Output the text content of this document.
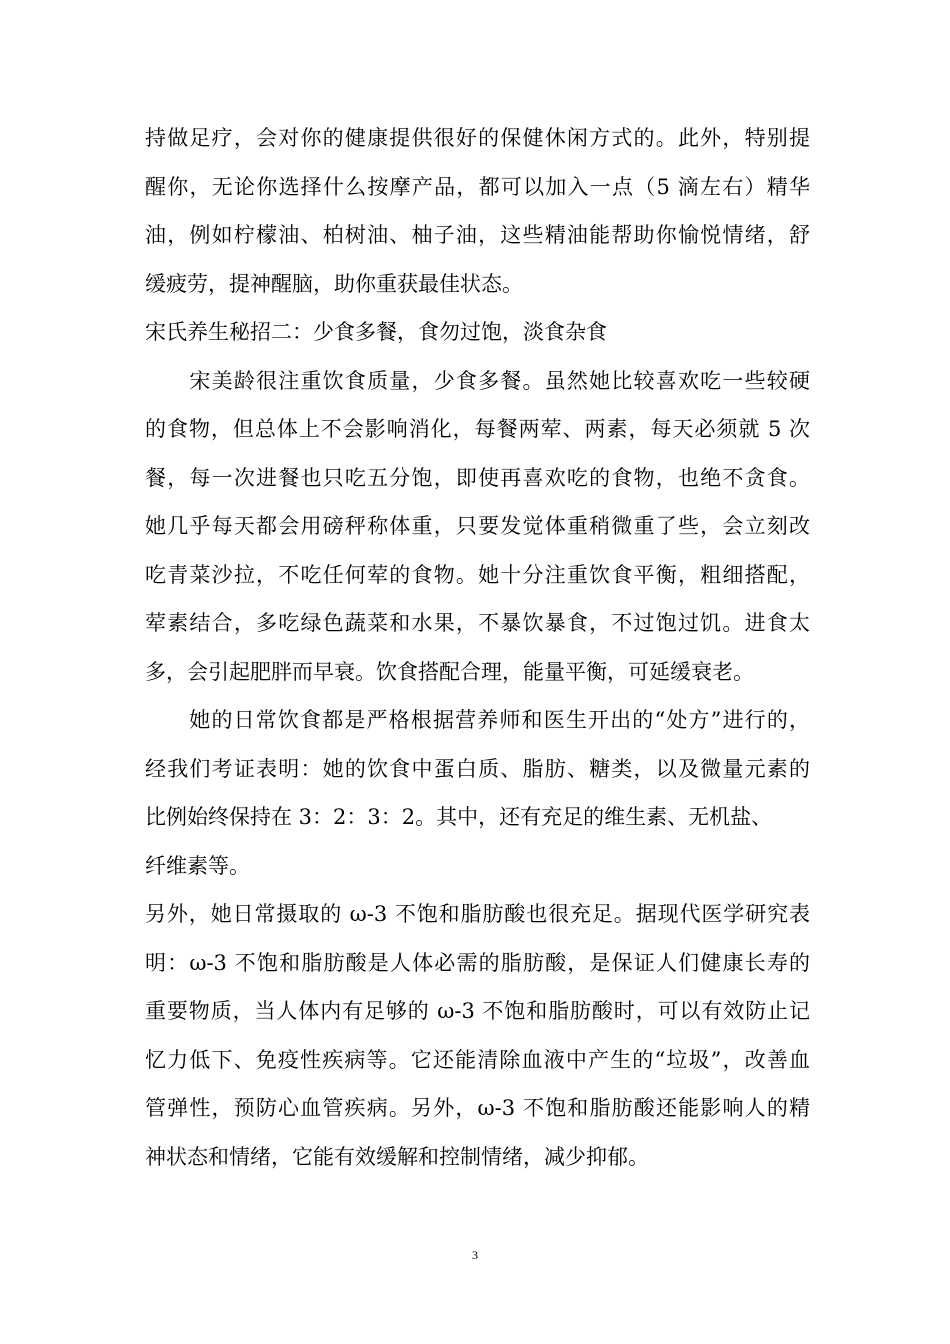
持做足疗，会对你的健康提供很好的保健休闲方式的。此外，特别提
醒你，无论你选择什么按摩产品，都可以加入一点（5 滴左右）精华
油，例如柠檬油、柏树油、柚子油，这些精油能帮助你愉悦情绪，舒
缓疲劳，提神醒脑，助你重获最佳状态。
宋氏养生秘招二：少食多餐，食勿过饱，淡食杂食
　　宋美龄很注重饮食质量，少食多餐。虽然她比较喜欢吃一些较硬
的食物，但总体上不会影响消化，每餐两荤、两素，每天必须就 5 次
餐，每一次进餐也只吃五分饱，即使再喜欢吃的食物，也绝不贪食。
她几乎每天都会用磅秤称体重，只要发觉体重稍微重了些，会立刻改
吃青菜沙拉，不吃任何荤的食物。她十分注重饮食平衡，粗细搭配，
荤素结合，多吃绿色蔬菜和水果，不暴饮暴食，不过饱过饥。进食太
多，会引起肥胖而早衰。饮食搭配合理，能量平衡，可延缓衰老。
　　她的日常饮食都是严格根据营养师和医生开出的“处方”进行的，
经我们考证表明：她的饮食中蛋白质、脂肪、糖类，以及微量元素的
比例始终保持在 3：2：3：2。其中，还有充足的维生素、无机盐、
纤维素等。
另外，她日常摄取的 ω-3 不饱和脂肪酸也很充足。据现代医学研究表
明：ω-3 不饱和脂肪酸是人体必需的脂肪酸，是保证人们健康长寿的
重要物质，当人体内有足够的 ω-3 不饱和脂肪酸时，可以有效防止记
忆力低下、免疫性疾病等。它还能清除血液中产生的“垃圾”，改善血
管弹性，预防心血管疾病。另外，ω-3 不饱和脂肪酸还能影响人的精
神状态和情绪，它能有效缓解和控制情绪，减少抑郁。
3
